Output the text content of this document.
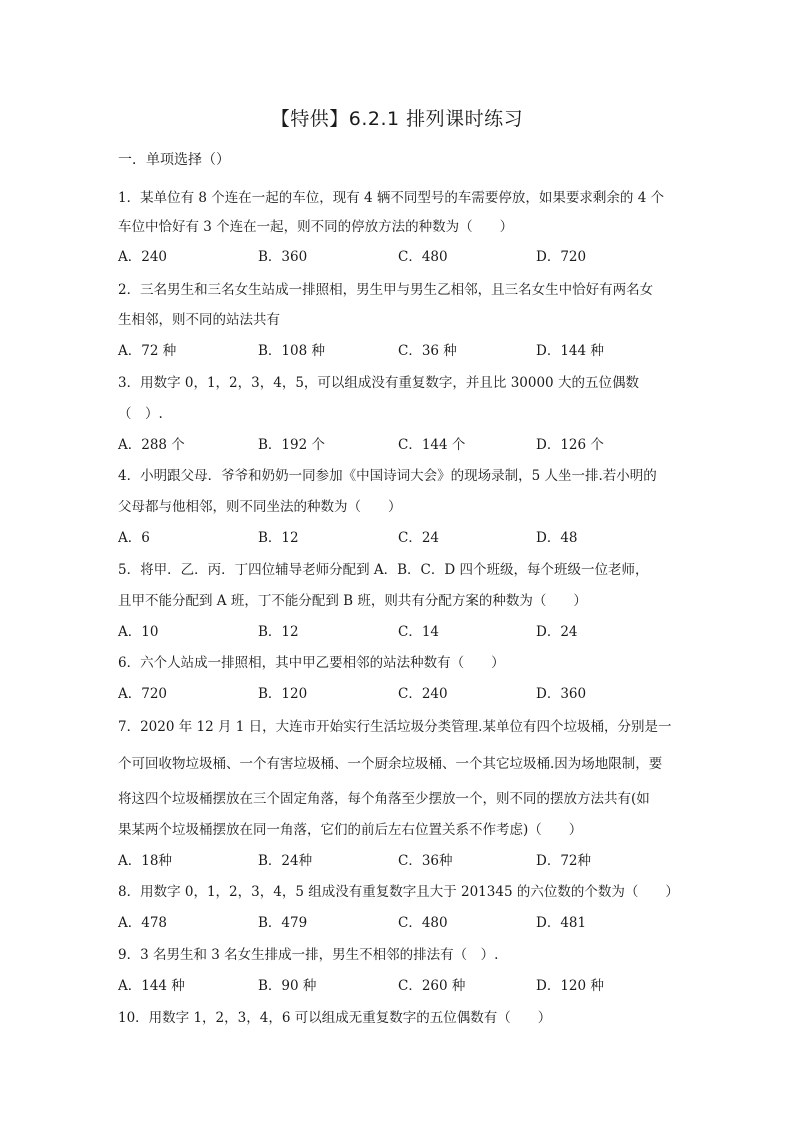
【特供】6.2.1 排列课时练习
一．单项选择（）
1．某单位有 8 个连在一起的车位，现有 4 辆不同型号的车需要停放，如果要求剩余的 4 个
车位中恰好有 3 个连在一起，则不同的停放方法的种数为（　　）
A．240	B．360	C．480	D．720
2．三名男生和三名女生站成一排照相，男生甲与男生乙相邻，且三名女生中恰好有两名女
生相邻，则不同的站法共有
A．72 种	B．108 种	C．36 种	D．144 种
3．用数字 0，1，2，3，4，5，可以组成没有重复数字，并且比 30000 大的五位偶数
（　）.
A．288 个	B．192 个	C．144 个	D．126 个
4．小明跟父母．爷爷和奶奶一同参加《中国诗词大会》的现场录制，5 人坐一排.若小明的
父母都与他相邻，则不同坐法的种数为（　　）
A．6	B．12	C．24	D．48
5．将甲．乙．丙．丁四位辅导老师分配到 A．B．C．D 四个班级，每个班级一位老师，
且甲不能分配到 A 班，丁不能分配到 B 班，则共有分配方案的种数为（　　）
A．10	B．12	C．14	D．24
6．六个人站成一排照相，其中甲乙要相邻的站法种数有（　　）
A．720	B．120	C．240	D．360
7．2020 年 12 月 1 日，大连市开始实行生活垃圾分类管理.某单位有四个垃圾桶，分别是一
个可回收物垃圾桶、一个有害垃圾桶、一个厨余垃圾桶、一个其它垃圾桶.因为场地限制，要
将这四个垃圾桶摆放在三个固定角落，每个角落至少摆放一个，则不同的摆放方法共有(如
果某两个垃圾桶摆放在同一角落，它们的前后左右位置关系不作考虑)（　　）
A．18种	B．24种	C．36种	D．72种
8．用数字 0，1，2，3，4，5 组成没有重复数字且大于 201345 的六位数的个数为（　　）
A．478	B．479	C．480	D．481
9．3 名男生和 3 名女生排成一排，男生不相邻的排法有（　）.
A．144 种	B．90 种	C．260 种	D．120 种
10．用数字 1，2，3，4，6 可以组成无重复数字的五位偶数有（　　）
